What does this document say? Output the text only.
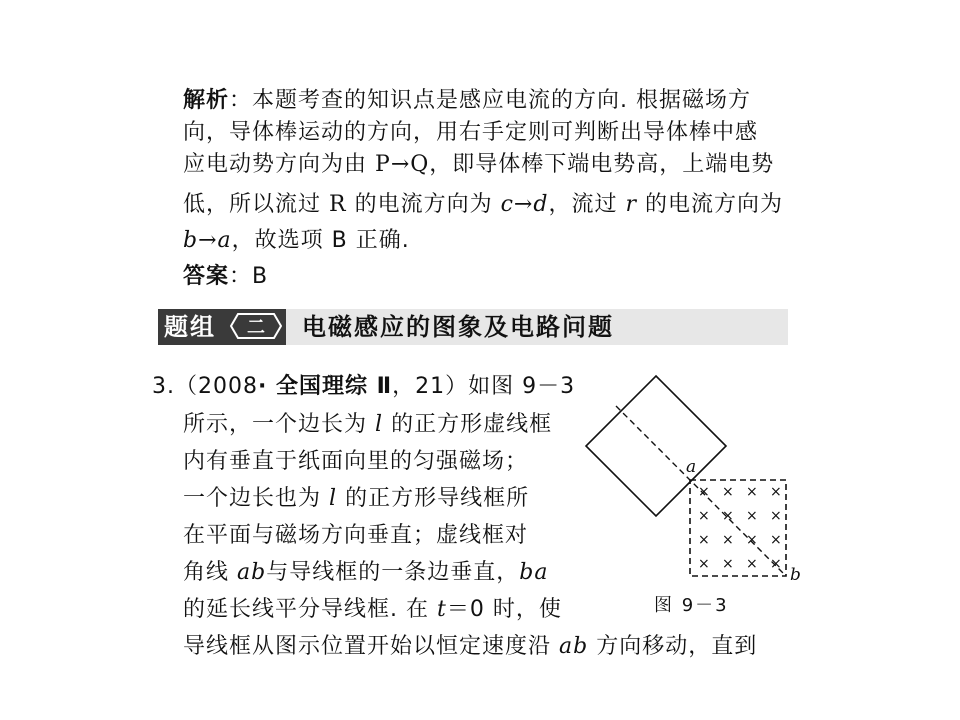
解析：本题考查的知识点是感应电流的方向. 根据磁场方
向，导体棒运动的方向，用右手定则可判断出导体棒中感
应电动势方向为由 P→Q，即导体棒下端电势高，上端电势
低，所以流过 R 的电流方向为 c→d，流过 r 的电流方向为
b→a，故选项 B 正确.
答案：B
题组 二 电磁感应的图象及电路问题
3.（2008· 全国理综 Ⅱ，21）如图 9－3
所示，一个边长为 l 的正方形虚线框
内有垂直于纸面向里的匀强磁场；
一个边长也为 l 的正方形导线框所
在平面与磁场方向垂直；虚线框对
角线 ab与导线框的一条边垂直，ba
的延长线平分导线框. 在 t＝0 时，使
导线框从图示位置开始以恒定速度沿 ab 方向移动，直到
× × × ×
× × × ×
× × × ×
× × × ×
a
b
图 9－3
